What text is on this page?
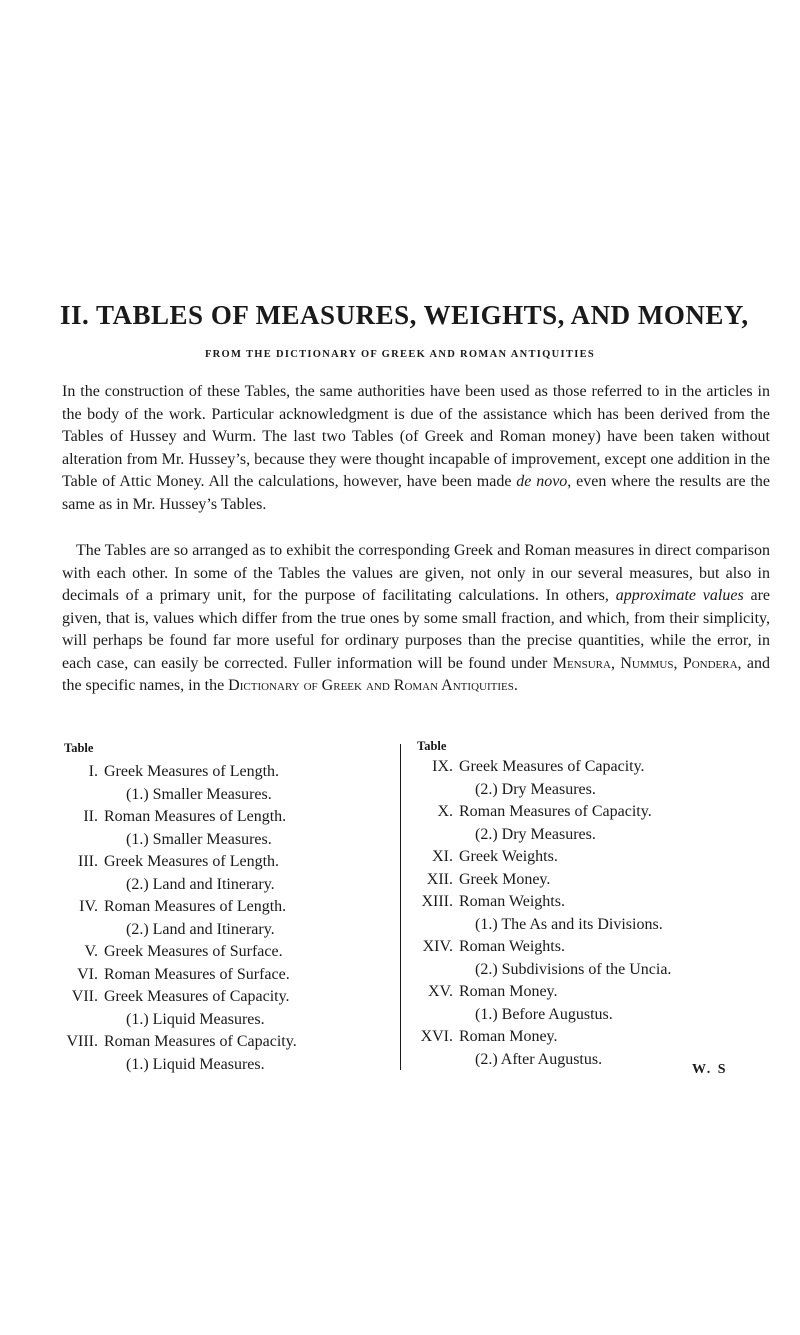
II. TABLES OF MEASURES, WEIGHTS, AND MONEY,
FROM THE DICTIONARY OF GREEK AND ROMAN ANTIQUITIES

In the construction of these Tables, the same authorities have been used as those referred to in the articles in the body of the work. Particular acknowledgment is due of the assistance which has been derived from the Tables of Hussey and Wurm. The last two Tables (of Greek and Roman money) have been taken without alteration from Mr. Hussey’s, because they were thought incapable of improvement, except one addition in the Table of Attic Money. All the calculations, however, have been made de novo, even where the results are the same as in Mr. Hussey’s Tables.

The Tables are so arranged as to exhibit the corresponding Greek and Roman measures in direct comparison with each other. In some of the Tables the values are given, not only in our several measures, but also in decimals of a primary unit, for the purpose of facilitating calculations. In others, approximate values are given, that is, values which differ from the true ones by some small fraction, and which, from their simplicity, will perhaps be found far more useful for ordinary purposes than the precise quantities, while the error, in each case, can easily be corrected. Fuller information will be found under Mensura, Nummus, Pondera, and the specific names, in the Dictionary of Greek and Roman Antiquities.

Table	Table
I. Greek Measures of Length.
(1.) Smaller Measures.
II. Roman Measures of Length.
(1.) Smaller Measures.
III. Greek Measures of Length.
(2.) Land and Itinerary.
IV. Roman Measures of Length.
(2.) Land and Itinerary.
V. Greek Measures of Surface.
VI. Roman Measures of Surface.
VII. Greek Measures of Capacity.
(1.) Liquid Measures.
VIII. Roman Measures of Capacity.
(1.) Liquid Measures.
IX. Greek Measures of Capacity.
(2.) Dry Measures.
X. Roman Measures of Capacity.
(2.) Dry Measures.
XI. Greek Weights.
XII. Greek Money.
XIII. Roman Weights.
(1.) The As and its Divisions.
XIV. Roman Weights.
(2.) Subdivisions of the Uncia.
XV. Roman Money.
(1.) Before Augustus.
XVI. Roman Money.
(2.) After Augustus.
W. S
